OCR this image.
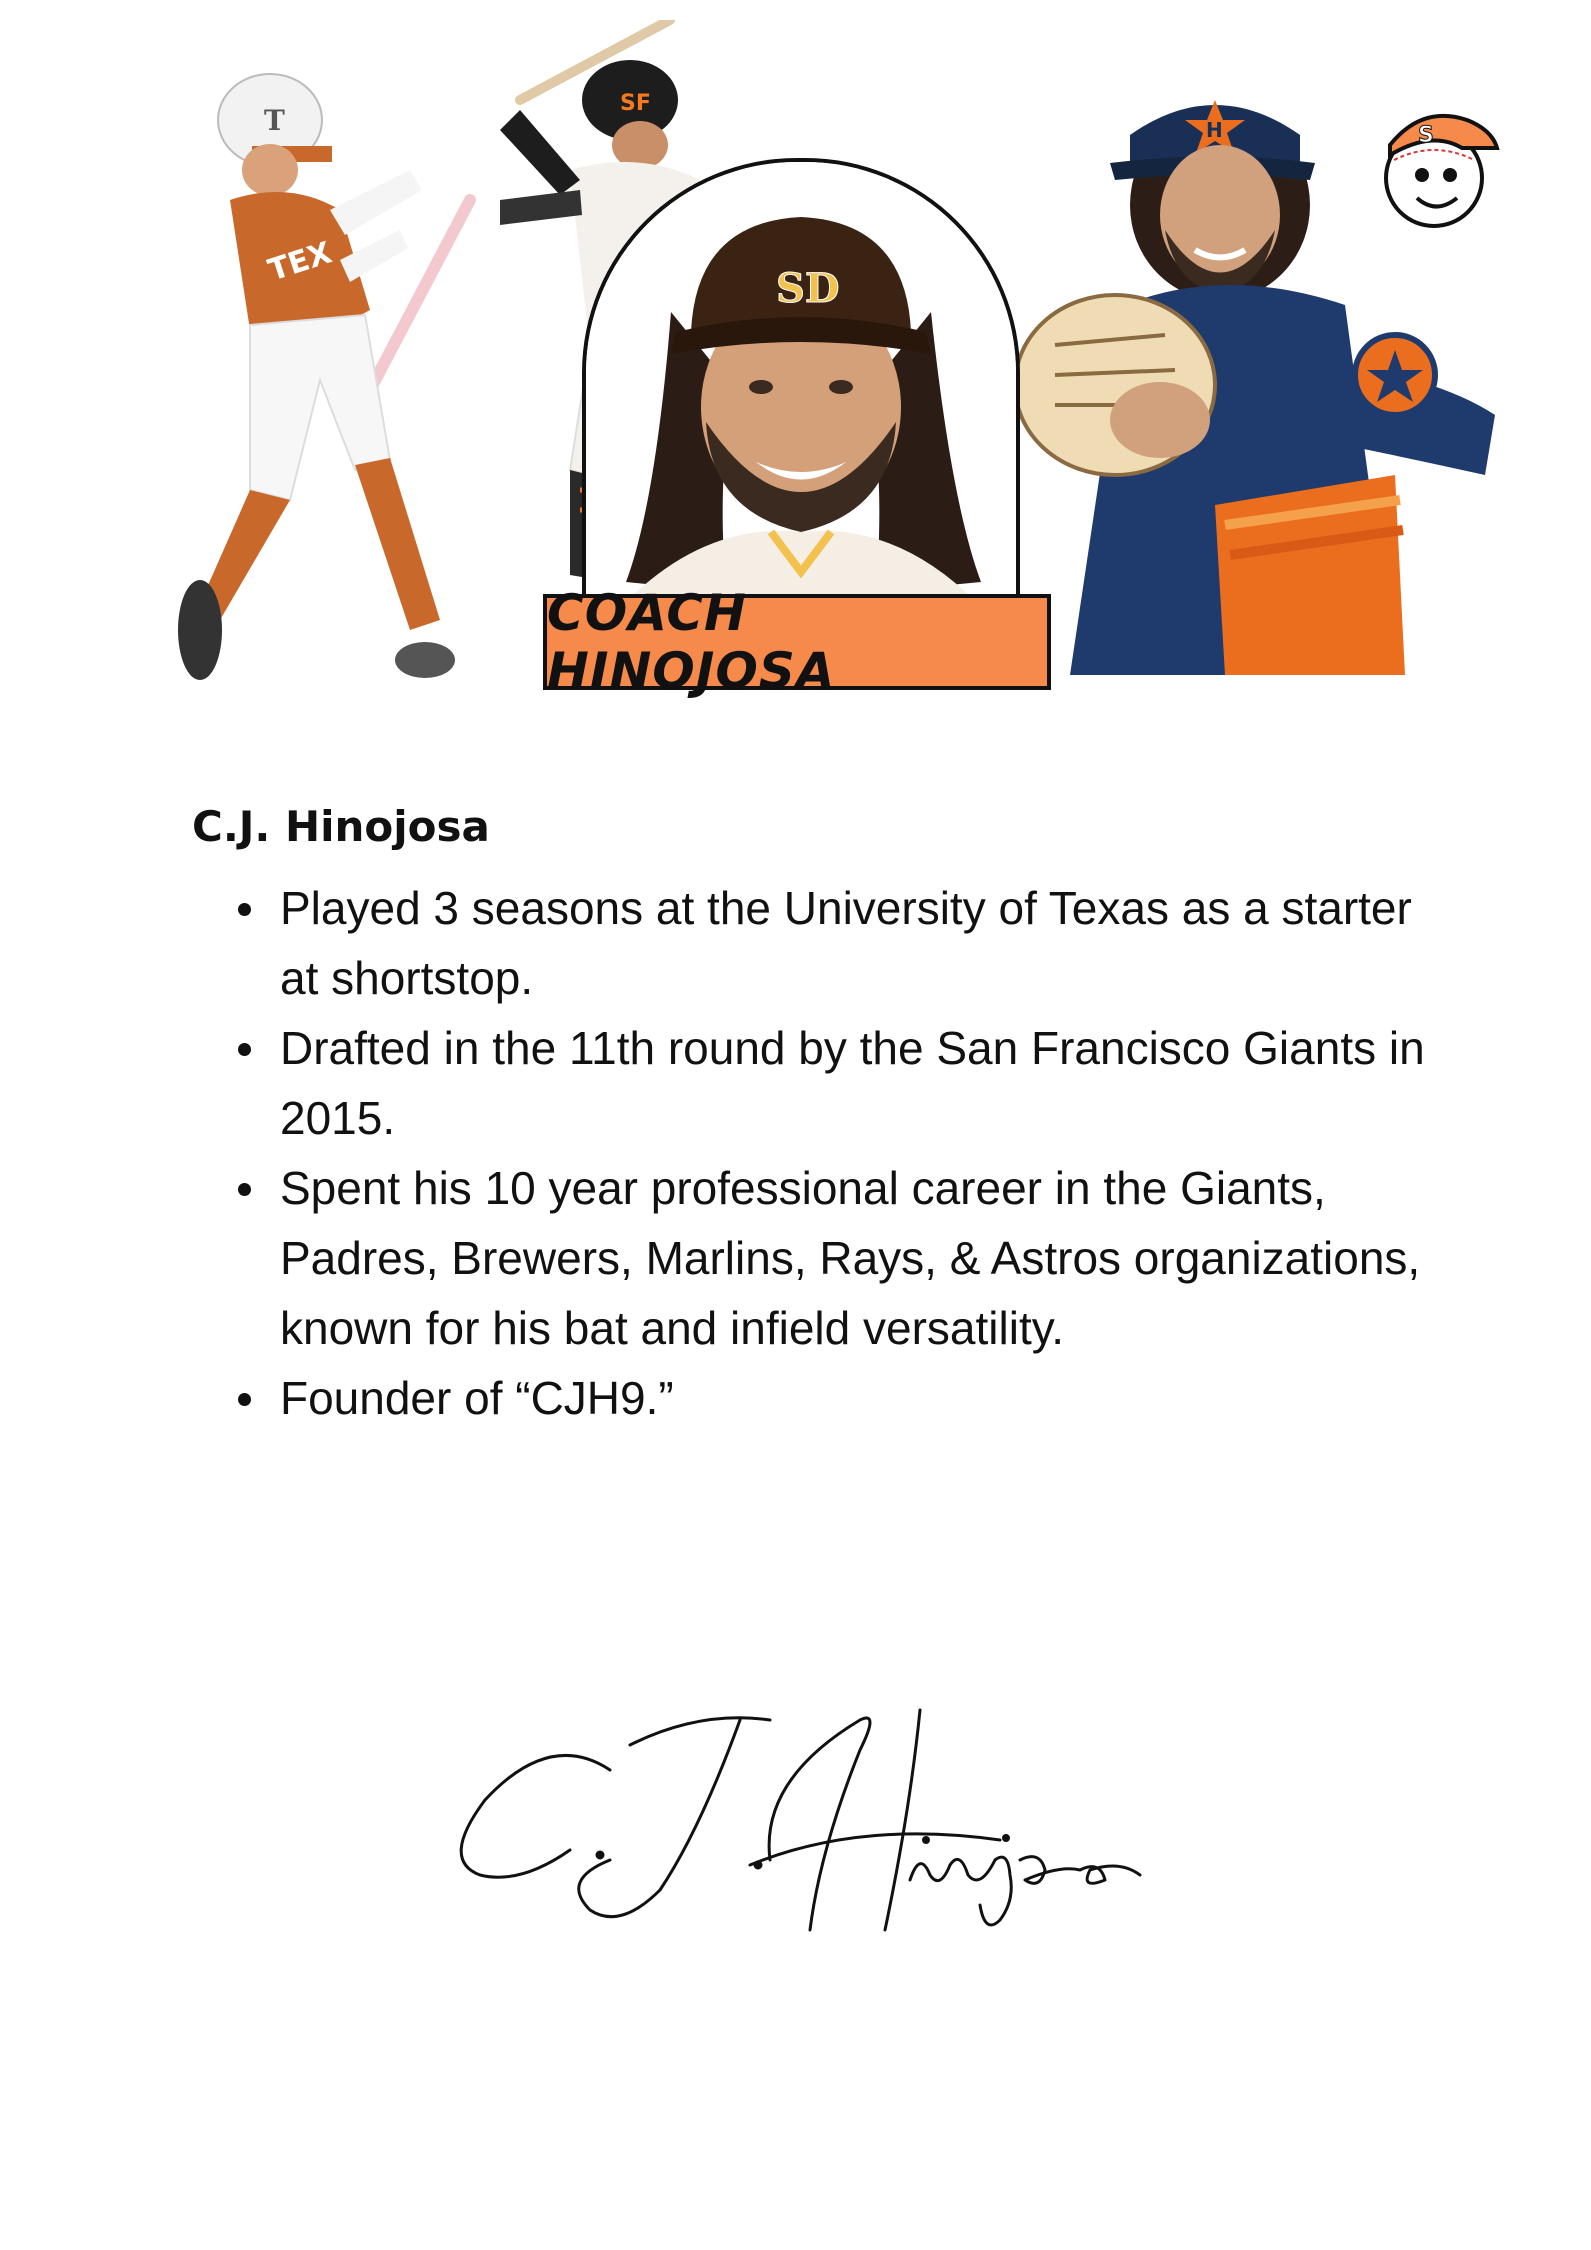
T
TEX
SF
H
SD
COACH HINOJOSA
S
C.J. Hinojosa
Played 3 seasons at the University of Texas as a starter at shortstop.
Drafted in the 11th round by the San Francisco Giants in 2015.
Spent his 10 year professional career in the Giants, Padres, Brewers, Marlins, Rays, & Astros organizations, known for his bat and infield versatility.
Founder of “CJH9.”
